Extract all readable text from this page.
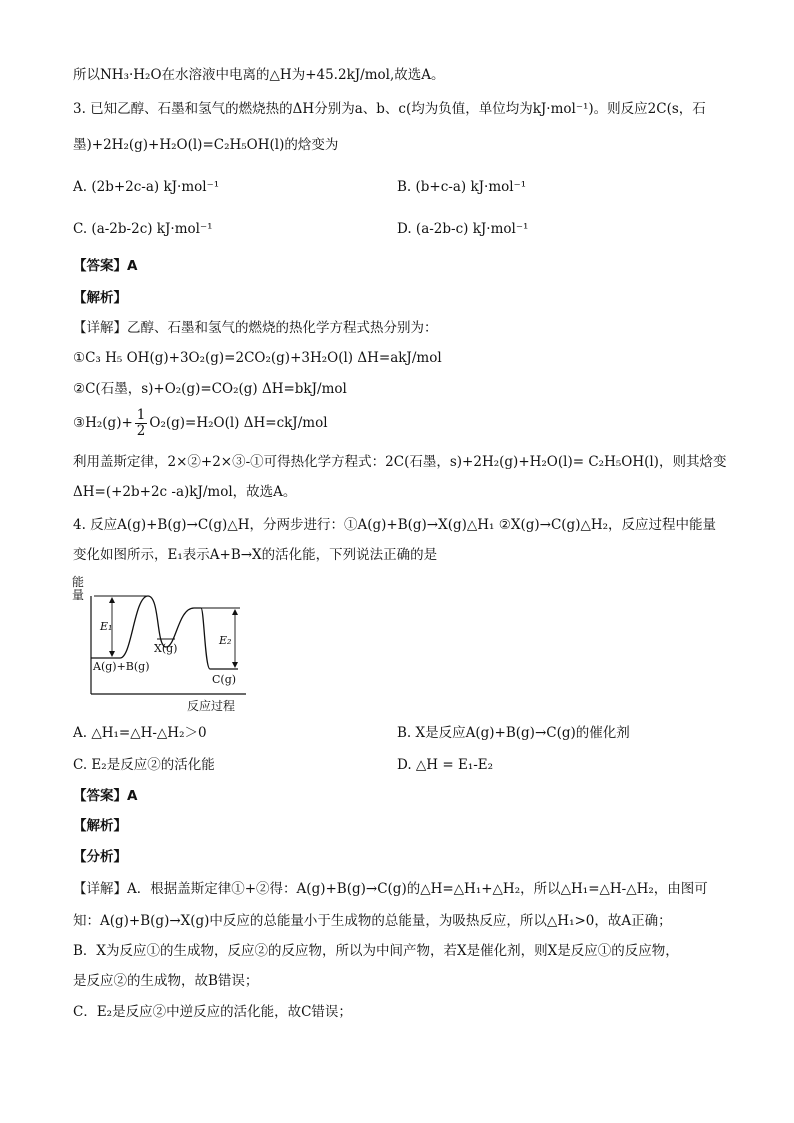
所以NH₃·H₂O在水溶液中电离的△H为+45.2kJ/mol,故选A。
3. 已知乙醇、石墨和氢气的燃烧热的ΔH分别为a、b、c(均为负值，单位均为kJ·mol⁻¹)。则反应2C(s，石
墨)+2H₂(g)+H₂O(l)=C₂H₅OH(l)的焓变为
A. (2b+2c-a) kJ·mol⁻¹	B. (b+c-a) kJ·mol⁻¹
C. (a-2b-2c) kJ·mol⁻¹	D. (a-2b-c) kJ·mol⁻¹
【答案】A
【解析】
【详解】乙醇、石墨和氢气的燃烧的热化学方程式热分别为：
①C₃ H₅ OH(g)+3O₂(g)=2CO₂(g)+3H₂O(l) ΔH=akJ/mol
②C(石墨，s)+O₂(g)=CO₂(g) ΔH=bkJ/mol
③H₂(g)+ $\frac{1}{2} O_2(g)=H_2O(l)$ ΔH=ckJ/mol
利用盖斯定律，2×②+2×③-①可得热化学方程式：2C(石墨，s)+2H₂(g)+H₂O(l)= C₂H₅OH(l)，则其焓变
ΔH=(+2b+2c -a)kJ/mol，故选A。
4. 反应A(g)+B(g)→C(g)△H，分两步进行：①A(g)+B(g)→X(g)△H₁ ②X(g)→C(g)△H₂，反应过程中能量
变化如图所示，E₁表示A+B→X的活化能，下列说法正确的是
能
量
E₁
E₂
A(g)+B(g)
X(g)
C(g)
反应过程
A. △H₁=△H-△H₂＞0	B. X是反应A(g)+B(g)→C(g)的催化剂
C. E₂是反应②的活化能	D. △H = E₁-E₂
【答案】A
【解析】
【分析】
【详解】A．根据盖斯定律①+②得：A(g)+B(g)→C(g)的△H=△H₁+△H₂，所以△H₁=△H-△H₂，由图可
知：A(g)+B(g)→X(g)中反应的总能量小于生成物的总能量，为吸热反应，所以△H₁>0，故A正确；
B．X为反应①的生成物，反应②的反应物，所以为中间产物，若X是催化剂，则X是反应①的反应物，
是反应②的生成物，故B错误；
C．E₂是反应②中逆反应的活化能，故C错误；
